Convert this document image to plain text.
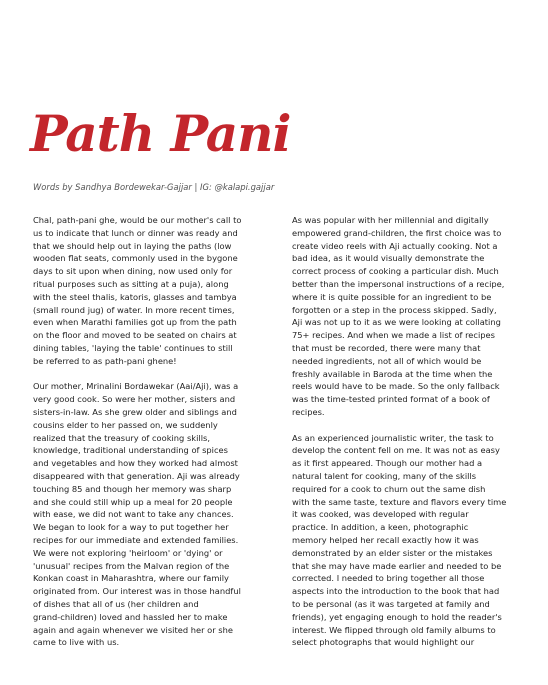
Path Pani
Words by Sandhya Bordewekar-Gajjar | IG: @kalapi.gajjar
Chal, path-pani ghe, would be our mother's call to
us to indicate that lunch or dinner was ready and
that we should help out in laying the paths (low
wooden flat seats, commonly used in the bygone
days to sit upon when dining, now used only for
ritual purposes such as sitting at a puja), along
with the steel thalis, katoris, glasses and tambya
(small round jug) of water. In more recent times,
even when Marathi families got up from the path
on the floor and moved to be seated on chairs at
dining tables, 'laying the table' continues to still
be referred to as path-pani ghene!
Our mother, Mrinalini Bordawekar (Aai/Aji), was a
very good cook. So were her mother, sisters and
sisters-in-law. As she grew older and siblings and
cousins elder to her passed on, we suddenly
realized that the treasury of cooking skills,
knowledge, traditional understanding of spices
and vegetables and how they worked had almost
disappeared with that generation. Aji was already
touching 85 and though her memory was sharp
and she could still whip up a meal for 20 people
with ease, we did not want to take any chances.
We began to look for a way to put together her
recipes for our immediate and extended families.
We were not exploring 'heirloom' or 'dying' or
'unusual' recipes from the Malvan region of the
Konkan coast in Maharashtra, where our family
originated from. Our interest was in those handful
of dishes that all of us (her children and
grand-children) loved and hassled her to make
again and again whenever we visited her or she
came to live with us.
As was popular with her millennial and digitally
empowered grand-children, the first choice was to
create video reels with Aji actually cooking. Not a
bad idea, as it would visually demonstrate the
correct process of cooking a particular dish. Much
better than the impersonal instructions of a recipe,
where it is quite possible for an ingredient to be
forgotten or a step in the process skipped. Sadly,
Aji was not up to it as we were looking at collating
75+ recipes. And when we made a list of recipes
that must be recorded, there were many that
needed ingredients, not all of which would be
freshly available in Baroda at the time when the
reels would have to be made. So the only fallback
was the time-tested printed format of a book of
recipes.
As an experienced journalistic writer, the task to
develop the content fell on me. It was not as easy
as it first appeared. Though our mother had a
natural talent for cooking, many of the skills
required for a cook to churn out the same dish
with the same taste, texture and flavors every time
it was cooked, was developed with regular
practice. In addition, a keen, photographic
memory helped her recall exactly how it was
demonstrated by an elder sister or the mistakes
that she may have made earlier and needed to be
corrected. I needed to bring together all those
aspects into the introduction to the book that had
to be personal (as it was targeted at family and
friends), yet engaging enough to hold the reader's
interest. We flipped through old family albums to
select photographs that would highlight our
